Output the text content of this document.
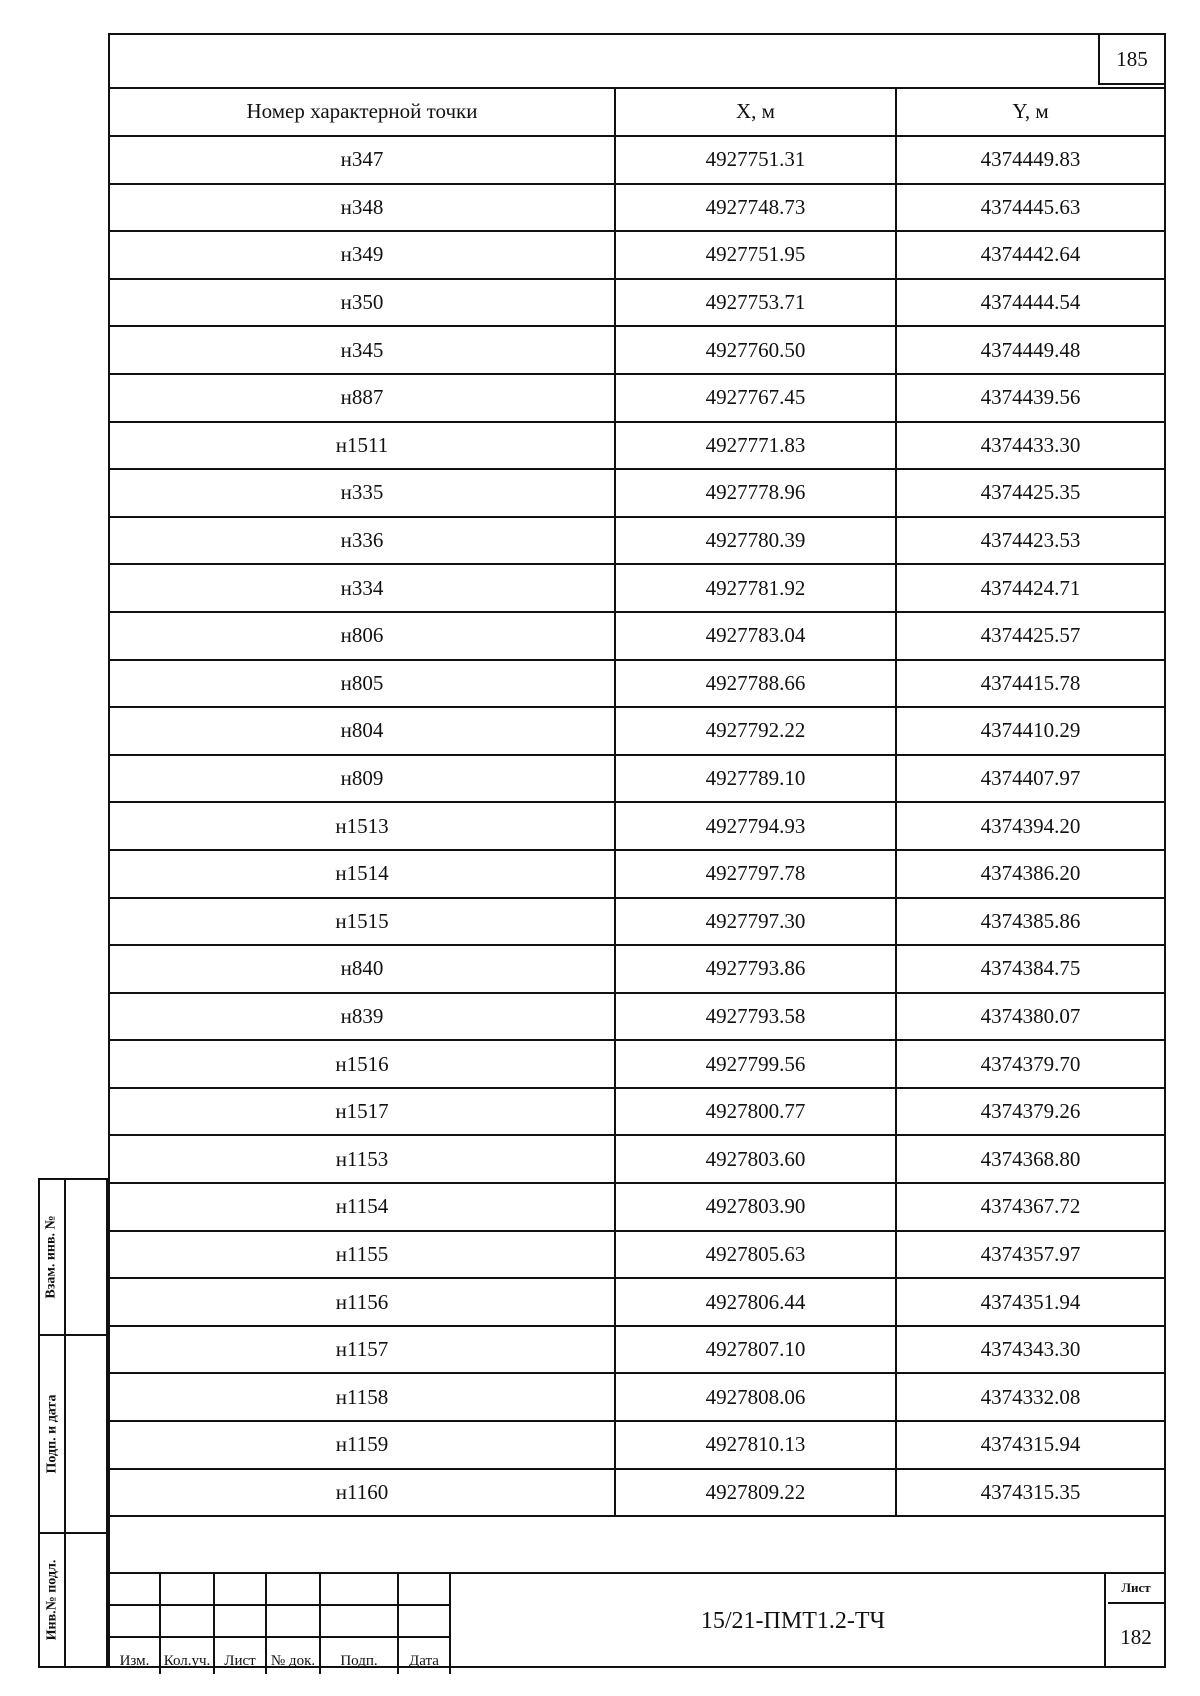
185
Номер характерной точки	X, м	Y, м
н347	4927751.31	4374449.83
н348	4927748.73	4374445.63
н349	4927751.95	4374442.64
н350	4927753.71	4374444.54
н345	4927760.50	4374449.48
н887	4927767.45	4374439.56
н1511	4927771.83	4374433.30
н335	4927778.96	4374425.35
н336	4927780.39	4374423.53
н334	4927781.92	4374424.71
н806	4927783.04	4374425.57
н805	4927788.66	4374415.78
н804	4927792.22	4374410.29
н809	4927789.10	4374407.97
н1513	4927794.93	4374394.20
н1514	4927797.78	4374386.20
н1515	4927797.30	4374385.86
н840	4927793.86	4374384.75
н839	4927793.58	4374380.07
н1516	4927799.56	4374379.70
н1517	4927800.77	4374379.26
н1153	4927803.60	4374368.80
н1154	4927803.90	4374367.72
н1155	4927805.63	4374357.97
н1156	4927806.44	4374351.94
н1157	4927807.10	4374343.30
н1158	4927808.06	4374332.08
н1159	4927810.13	4374315.94
н1160	4927809.22	4374315.35

Изм.	Кол.уч.	Лист	№ док.	Подп.	Дата
15/21-ПМТ1.2-ТЧ
Лист
182
Взам. инв. №
Подп. и дата
Инв.№ подл.
